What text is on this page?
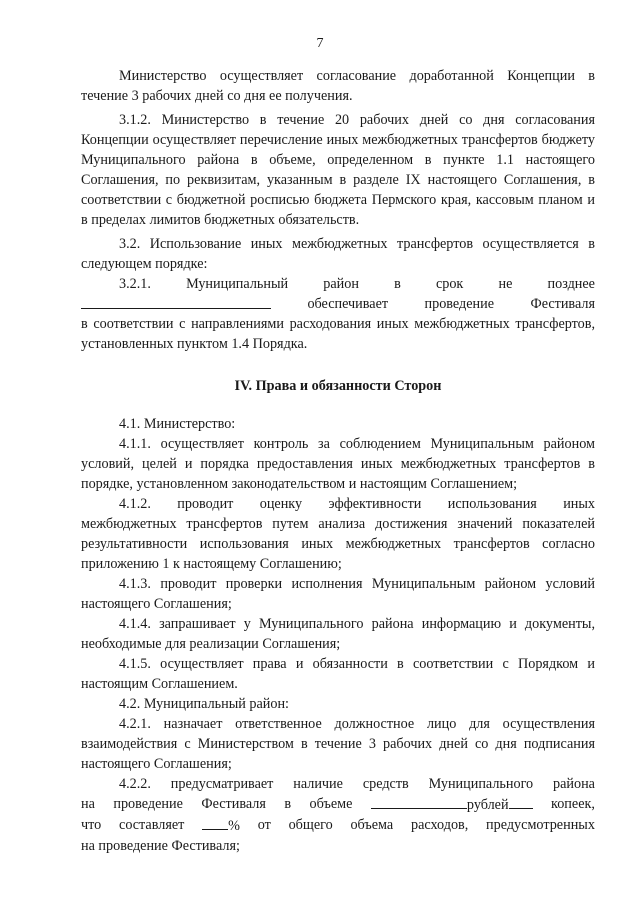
7

Министерство осуществляет согласование доработанной Концепции в течение 3 рабочих дней со дня ее получения.

3.1.2. Министерство в течение 20 рабочих дней со дня согласования Концепции осуществляет перечисление иных межбюджетных трансфертов бюджету Муниципального района в объеме, определенном в пункте 1.1 настоящего Соглашения, по реквизитам, указанным в разделе IX настоящего Соглашения, в соответствии с бюджетной росписью бюджета Пермского края, кассовым планом и в пределах лимитов бюджетных обязательств.

3.2. Использование иных межбюджетных трансфертов осуществляется в следующем порядке:

3.2.1. Муниципальный район в срок не позднее
обеспечивает	проведение	Фестиваля

в соответствии с направлениями расходования иных межбюджетных трансфертов, установленных пунктом 1.4 Порядка.

IV. Права и обязанности Сторон

4.1. Министерство:

4.1.1. осуществляет контроль за соблюдением Муниципальным районом условий, целей и порядка предоставления иных межбюджетных трансфертов в порядке, установленном законодательством и настоящим Соглашением;

4.1.2. проводит оценку эффективности использования иных

межбюджетных трансфертов путем анализа достижения значений показателей результативности использования иных межбюджетных трансфертов согласно приложению 1 к настоящему Соглашению;

4.1.3. проводит проверки исполнения Муниципальным районом условий настоящего Соглашения;

4.1.4. запрашивает у Муниципального района информацию и документы, необходимые для реализации Соглашения;

4.1.5. осуществляет права и обязанности в соответствии с Порядком и настоящим Соглашением.

4.2. Муниципальный район:

4.2.1. назначает ответственное должностное лицо для осуществления взаимодействия с Министерством в течение 3 рабочих дней со дня подписания настоящего Соглашения;

4.2.2. предусматривает наличие средств Муниципального района
на проведение Фестиваля в объеме	рублей	копеек,
что составляет	% от общего объема расходов, предусмотренных

на проведение Фестиваля;
